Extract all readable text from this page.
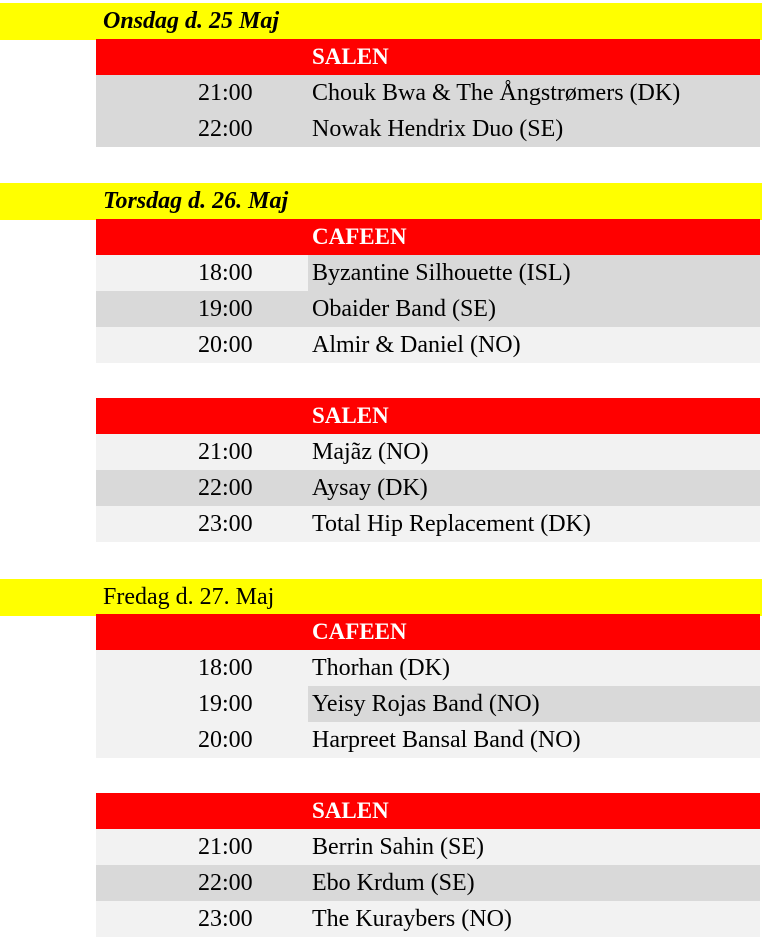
Onsdag d. 25 Maj
SALEN
21:00 Chouk Bwa & The Ångstrømers (DK)
22:00 Nowak Hendrix Duo (SE)
Torsdag d. 26. Maj
CAFEEN
18:00 Byzantine Silhouette (ISL)
19:00 Obaider Band (SE)
20:00 Almir & Daniel (NO)
SALEN
21:00 Majãz (NO)
22:00 Aysay (DK)
23:00 Total Hip Replacement (DK)
Fredag d. 27. Maj
CAFEEN
18:00 Thorhan (DK)
19:00 Yeisy Rojas Band (NO)
20:00 Harpreet Bansal Band (NO)
SALEN
21:00 Berrin Sahin (SE)
22:00 Ebo Krdum (SE)
23:00 The Kuraybers (NO)
